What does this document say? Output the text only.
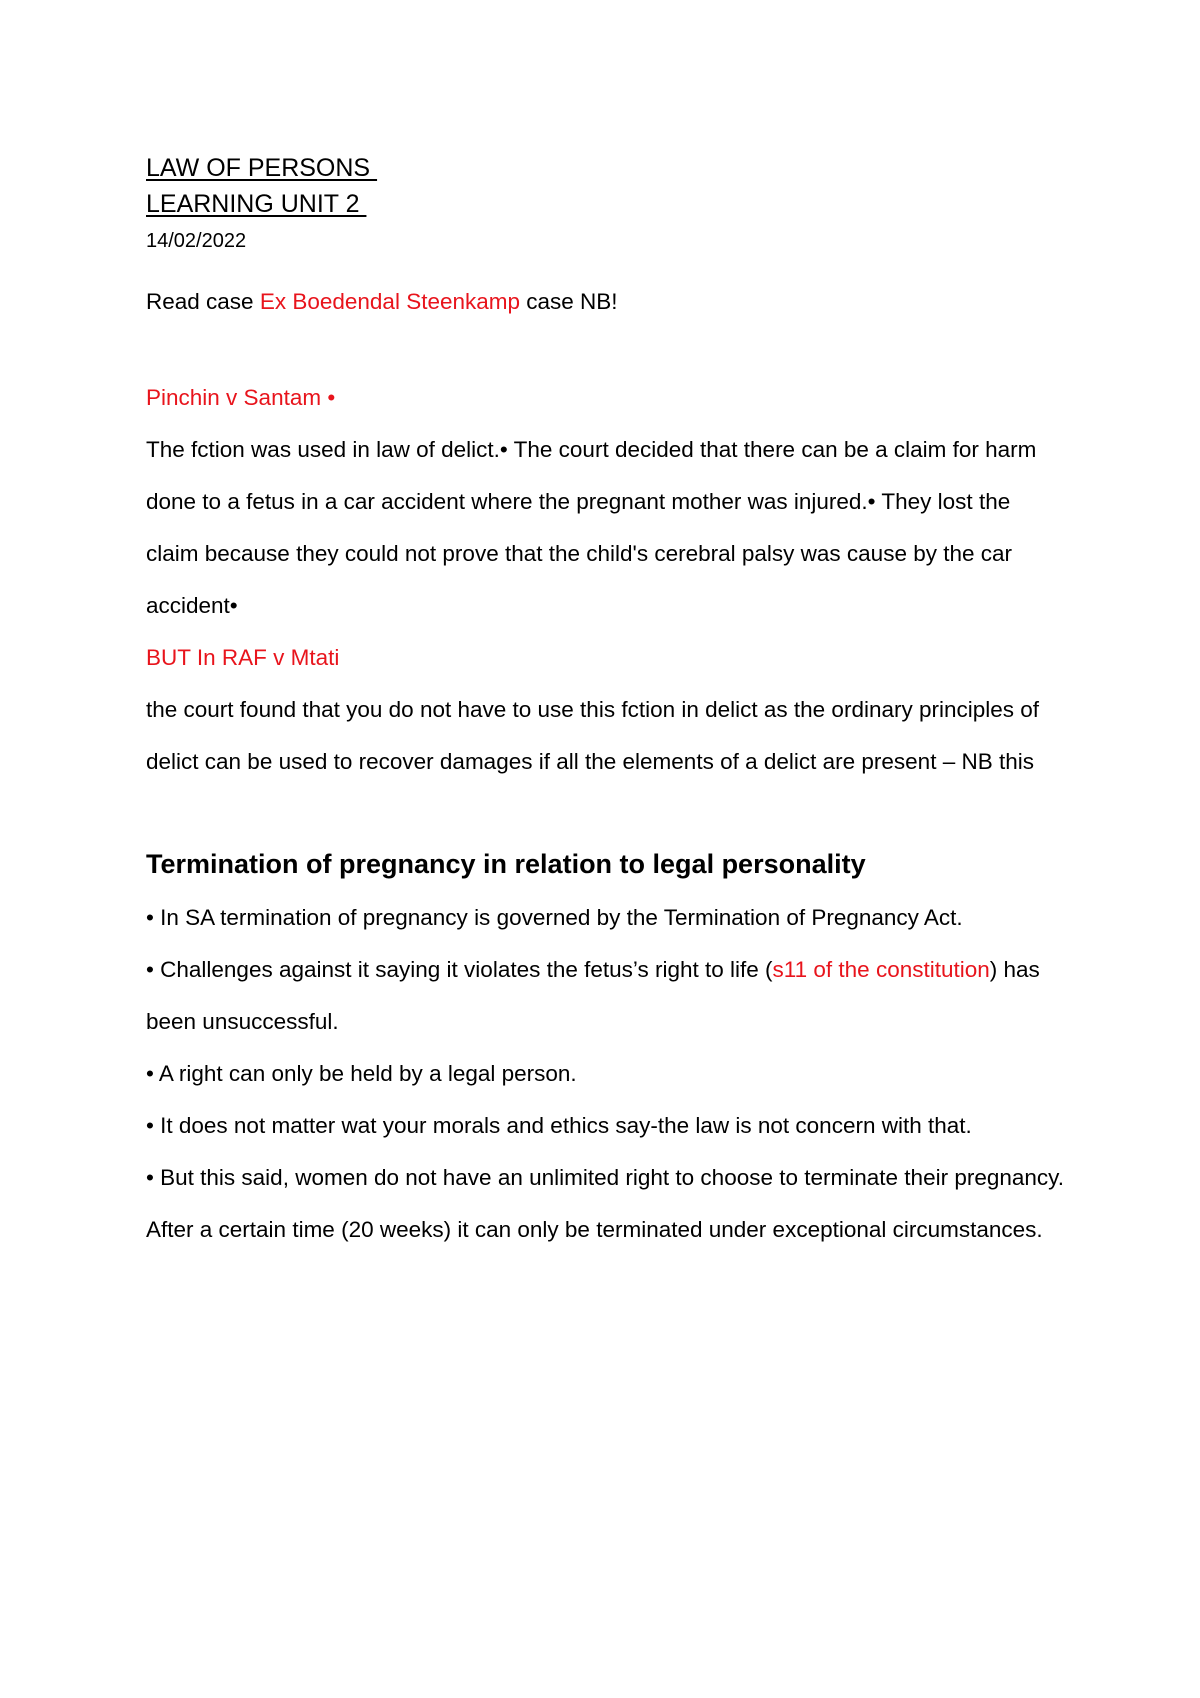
LAW OF PERSONS
LEARNING UNIT 2
14/02/2022

Read case Ex Boedendal Steenkamp case NB!

Pinchin v Santam •

The fction was used in law of delict.• The court decided that there can be a claim for harm done to a fetus in a car accident where the pregnant mother was injured.• They lost the claim because they could not prove that the child's cerebral palsy was cause by the car accident•

BUT In RAF v Mtati

the court found that you do not have to use this fction in delict as the ordinary principles of delict can be used to recover damages if all the elements of a delict are present – NB this

Termination of pregnancy in relation to legal personality
• In SA termination of pregnancy is governed by the Termination of Pregnancy Act.
• Challenges against it saying it violates the fetus’s right to life (s11 of the constitution) has been unsuccessful.
• A right can only be held by a legal person.
• It does not matter wat your morals and ethics say-the law is not concern with that.
• But this said, women do not have an unlimited right to choose to terminate their pregnancy. After a certain time (20 weeks) it can only be terminated under exceptional circumstances.
